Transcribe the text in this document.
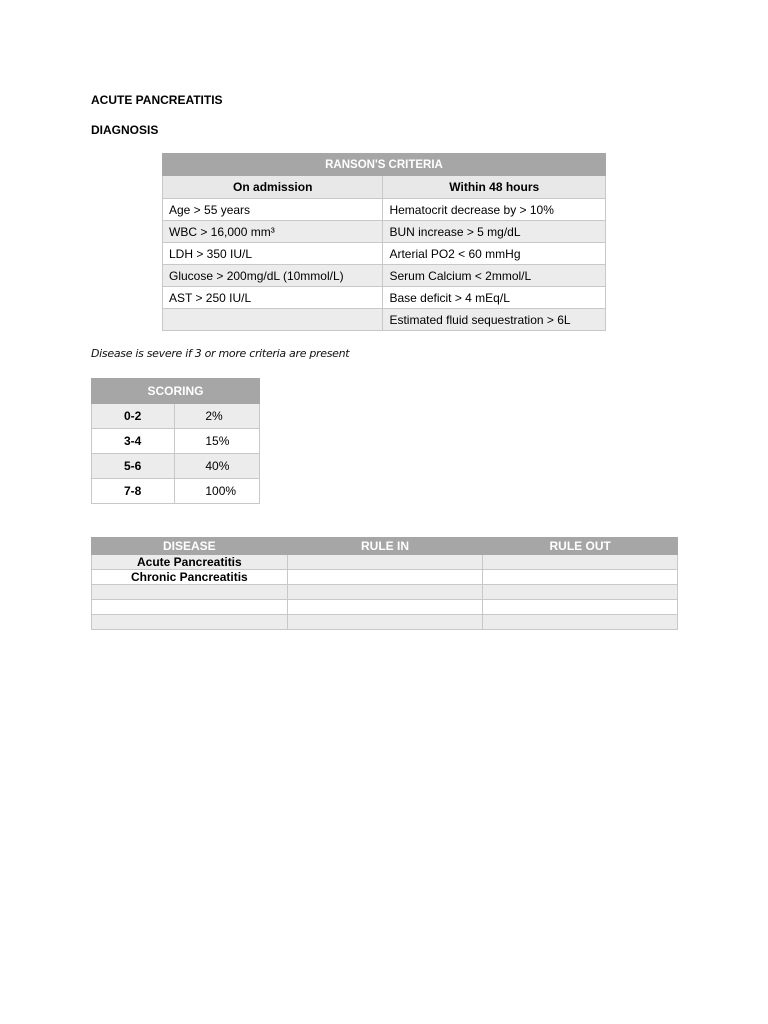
ACUTE PANCREATITIS

DIAGNOSIS

RANSON'S CRITERIA	
On admission	Within 48 hours
Age > 55 years	Hematocrit decrease by > 10%
WBC > 16,000 mm³	BUN increase > 5 mg/dL
LDH > 350 IU/L	Arterial PO2 < 60 mmHg
Glucose > 200mg/dL (10mmol/L)	Serum Calcium < 2mmol/L
AST > 250 IU/L	Base deficit > 4 mEq/L
	Estimated fluid sequestration > 6L
Disease is severe if 3 or more criteria are present
SCORING	
0-2	2%
3-4	15%
5-6	40%
7-8	100%
DISEASE	RULE IN	RULE OUT
Acute Pancreatitis		
Chronic Pancreatitis		
